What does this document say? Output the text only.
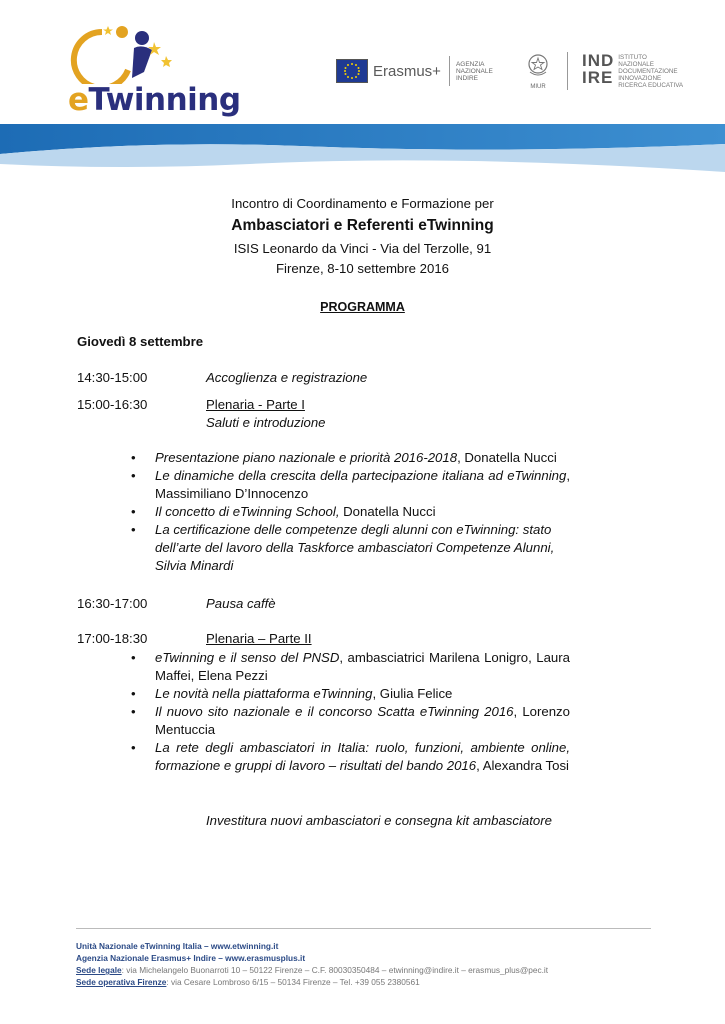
eTwinning
Erasmus+ AGENZIA
NAZIONALE
INDIRE
MIUR
IND
IRE
ISTITUTO
NAZIONALE
DOCUMENTAZIONE
INNOVAZIONE
RICERCA EDUCATIVA
Incontro di Coordinamento e Formazione per
Ambasciatori e Referenti eTwinning
ISIS Leonardo da Vinci - Via del Terzolle, 91
Firenze, 8-10 settembre 2016
PROGRAMMA
Giovedì 8 settembre
14:30-15:00	Accoglienza e registrazione
15:00-16:30	Plenaria - Parte I
Saluti e introduzione
• Presentazione piano nazionale e priorità 2016-2018, Donatella Nucci
• Le dinamiche della crescita della partecipazione italiana ad eTwinning, Massimiliano D’Innocenzo
• Il concetto di eTwinning School, Donatella Nucci
• La certificazione delle competenze degli alunni con eTwinning: stato dell’arte del lavoro della Taskforce ambasciatori Competenze Alunni, Silvia Minardi
16:30-17:00	Pausa caffè
17:00-18:30	Plenaria – Parte II
• eTwinning e il senso del PNSD, ambasciatrici Marilena Lonigro, Laura Maffei, Elena Pezzi
• Le novità nella piattaforma eTwinning, Giulia Felice
• Il nuovo sito nazionale e il concorso Scatta eTwinning 2016, Lorenzo Mentuccia
• La rete degli ambasciatori in Italia: ruolo, funzioni, ambiente online, formazione e gruppi di lavoro – risultati del bando 2016, Alexandra Tosi
Investitura nuovi ambasciatori e consegna kit ambasciatore
Unità Nazionale eTwinning Italia – www.etwinning.it
Agenzia Nazionale Erasmus+ Indire – www.erasmusplus.it
Sede legale: via Michelangelo Buonarroti 10 – 50122 Firenze – C.F. 80030350484 – etwinning@indire.it – erasmus_plus@pec.it
Sede operativa Firenze: via Cesare Lombroso 6/15 – 50134 Firenze – Tel. +39 055 2380561
